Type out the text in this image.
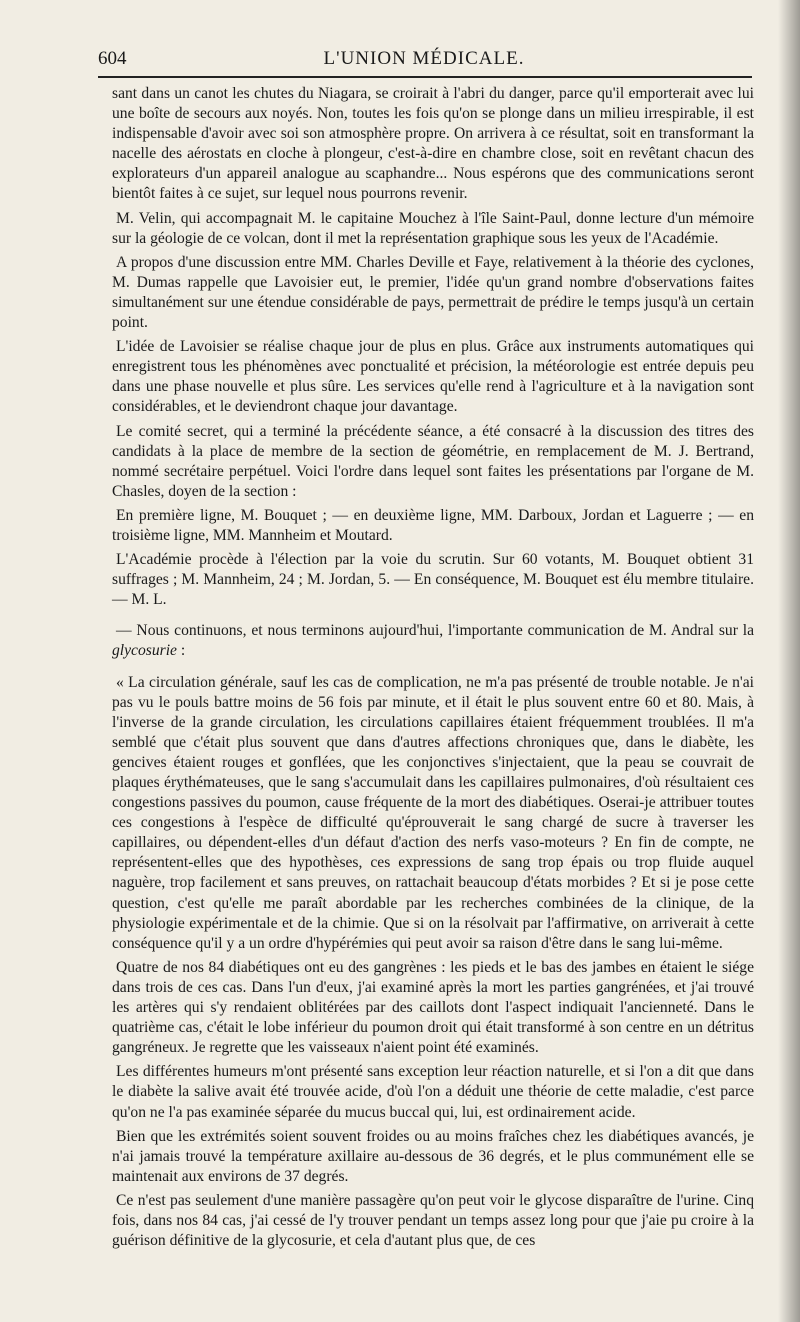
604	L'UNION MÉDICALE.

sant dans un canot les chutes du Niagara, se croirait à l'abri du danger, parce qu'il emporterait avec lui une boîte de secours aux noyés. Non, toutes les fois qu'on se plonge dans un milieu irrespirable, il est indispensable d'avoir avec soi son atmosphère propre. On arrivera à ce résultat, soit en transformant la nacelle des aérostats en cloche à plongeur, c'est-à-dire en chambre close, soit en revêtant chacun des explorateurs d'un appareil analogue au scaphandre... Nous espérons que des communications seront bientôt faites à ce sujet, sur lequel nous pourrons revenir.

M. Velin, qui accompagnait M. le capitaine Mouchez à l'île Saint-Paul, donne lecture d'un mémoire sur la géologie de ce volcan, dont il met la représentation graphique sous les yeux de l'Académie.

A propos d'une discussion entre MM. Charles Deville et Faye, relativement à la théorie des cyclones, M. Dumas rappelle que Lavoisier eut, le premier, l'idée qu'un grand nombre d'observations faites simultanément sur une étendue considérable de pays, permettrait de prédire le temps jusqu'à un certain point.

L'idée de Lavoisier se réalise chaque jour de plus en plus. Grâce aux instruments automatiques qui enregistrent tous les phénomènes avec ponctualité et précision, la météorologie est entrée depuis peu dans une phase nouvelle et plus sûre. Les services qu'elle rend à l'agriculture et à la navigation sont considérables, et le deviendront chaque jour davantage.

Le comité secret, qui a terminé la précédente séance, a été consacré à la discussion des titres des candidats à la place de membre de la section de géométrie, en remplacement de M. J. Bertrand, nommé secrétaire perpétuel. Voici l'ordre dans lequel sont faites les présentations par l'organe de M. Chasles, doyen de la section :

En première ligne, M. Bouquet ; — en deuxième ligne, MM. Darboux, Jordan et Laguerre ; — en troisième ligne, MM. Mannheim et Moutard.

L'Académie procède à l'élection par la voie du scrutin. Sur 60 votants, M. Bouquet obtient 31 suffrages ; M. Mannheim, 24 ; M. Jordan, 5. — En conséquence, M. Bouquet est élu membre titulaire. — M. L.

— Nous continuons, et nous terminons aujourd'hui, l'importante communication de M. Andral sur la glycosurie :

« La circulation générale, sauf les cas de complication, ne m'a pas présenté de trouble notable. Je n'ai pas vu le pouls battre moins de 56 fois par minute, et il était le plus souvent entre 60 et 80. Mais, à l'inverse de la grande circulation, les circulations capillaires étaient fréquemment troublées. Il m'a semblé que c'était plus souvent que dans d'autres affections chroniques que, dans le diabète, les gencives étaient rouges et gonflées, que les conjonctives s'injectaient, que la peau se couvrait de plaques érythémateuses, que le sang s'accumulait dans les capillaires pulmonaires, d'où résultaient ces congestions passives du poumon, cause fréquente de la mort des diabétiques. Oserai-je attribuer toutes ces congestions à l'espèce de difficulté qu'éprouverait le sang chargé de sucre à traverser les capillaires, ou dépendent-elles d'un défaut d'action des nerfs vaso-moteurs ? En fin de compte, ne représentent-elles que des hypothèses, ces expressions de sang trop épais ou trop fluide auquel naguère, trop facilement et sans preuves, on rattachait beaucoup d'états morbides ? Et si je pose cette question, c'est qu'elle me paraît abordable par les recherches combinées de la clinique, de la physiologie expérimentale et de la chimie. Que si on la résolvait par l'affirmative, on arriverait à cette conséquence qu'il y a un ordre d'hypérémies qui peut avoir sa raison d'être dans le sang lui-même.

Quatre de nos 84 diabétiques ont eu des gangrènes : les pieds et le bas des jambes en étaient le siége dans trois de ces cas. Dans l'un d'eux, j'ai examiné après la mort les parties gangrénées, et j'ai trouvé les artères qui s'y rendaient oblitérées par des caillots dont l'aspect indiquait l'ancienneté. Dans le quatrième cas, c'était le lobe inférieur du poumon droit qui était transformé à son centre en un détritus gangréneux. Je regrette que les vaisseaux n'aient point été examinés.

Les différentes humeurs m'ont présenté sans exception leur réaction naturelle, et si l'on a dit que dans le diabète la salive avait été trouvée acide, d'où l'on a déduit une théorie de cette maladie, c'est parce qu'on ne l'a pas examinée séparée du mucus buccal qui, lui, est ordinairement acide.

Bien que les extrémités soient souvent froides ou au moins fraîches chez les diabétiques avancés, je n'ai jamais trouvé la température axillaire au-dessous de 36 degrés, et le plus communément elle se maintenait aux environs de 37 degrés.

Ce n'est pas seulement d'une manière passagère qu'on peut voir le glycose disparaître de l'urine. Cinq fois, dans nos 84 cas, j'ai cessé de l'y trouver pendant un temps assez long pour que j'aie pu croire à la guérison définitive de la glycosurie, et cela d'autant plus que, de ces
